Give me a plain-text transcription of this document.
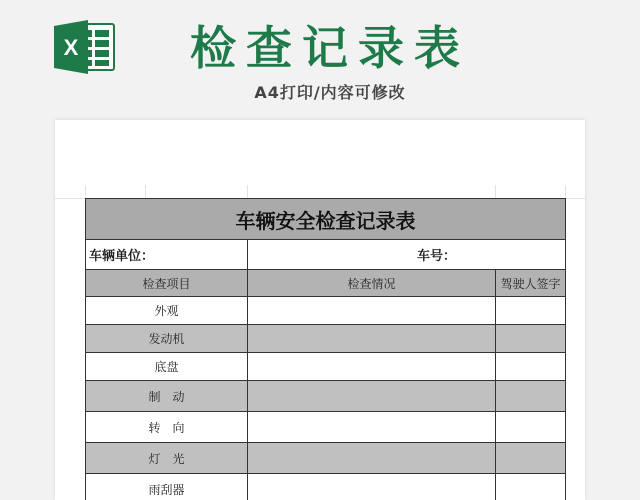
X	检查记录表
A4打印/内容可修改
车辆安全检查记录表		
车辆单位：	车号：	
检查项目	检查情况	驾驶人签字
外观		
发动机		
底盘		
制　动		
转　向		
灯　光		
雨刮器		
